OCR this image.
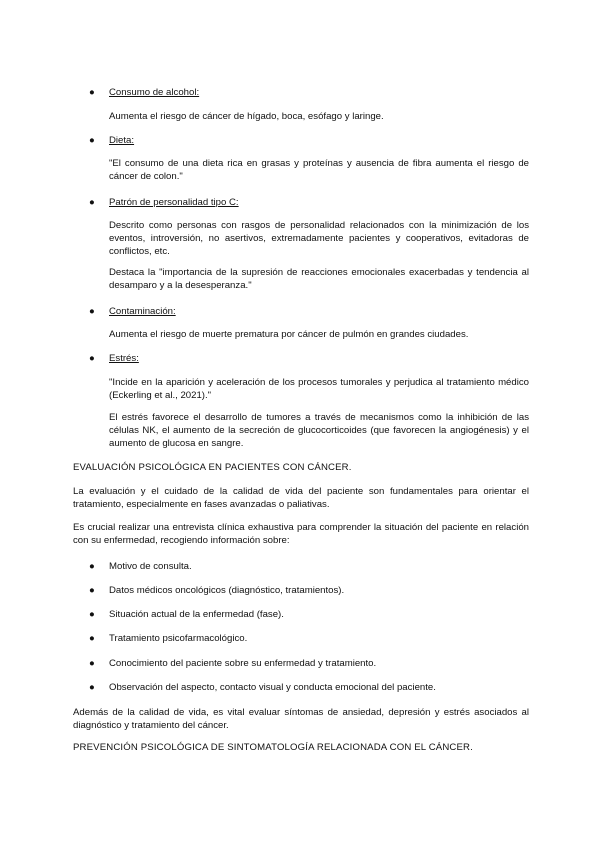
● Consumo de alcohol:

Aumenta el riesgo de cáncer de hígado, boca, esófago y laringe.

● Dieta:

"El consumo de una dieta rica en grasas y proteínas y ausencia de fibra aumenta el riesgo de cáncer de colon."

● Patrón de personalidad tipo C:

Descrito como personas con rasgos de personalidad relacionados con la minimización de los eventos, introversión, no asertivos, extremadamente pacientes y cooperativos, evitadoras de conflictos, etc.

Destaca la "importancia de la supresión de reacciones emocionales exacerbadas y tendencia al desamparo y a la desesperanza."

● Contaminación:

Aumenta el riesgo de muerte prematura por cáncer de pulmón en grandes ciudades.

● Estrés:

"Incide en la aparición y aceleración de los procesos tumorales y perjudica al tratamiento médico (Eckerling et al., 2021)."

El estrés favorece el desarrollo de tumores a través de mecanismos como la inhibición de las células NK, el aumento de la secreción de glucocorticoides (que favorecen la angiogénesis) y el aumento de glucosa en sangre.

EVALUACIÓN PSICOLÓGICA EN PACIENTES CON CÁNCER.

La evaluación y el cuidado de la calidad de vida del paciente son fundamentales para orientar el tratamiento, especialmente en fases avanzadas o paliativas.

Es crucial realizar una entrevista clínica exhaustiva para comprender la situación del paciente en relación con su enfermedad, recogiendo información sobre:

● Motivo de consulta.

● Datos médicos oncológicos (diagnóstico, tratamientos).

● Situación actual de la enfermedad (fase).

● Tratamiento psicofarmacológico.

● Conocimiento del paciente sobre su enfermedad y tratamiento.

● Observación del aspecto, contacto visual y conducta emocional del paciente.

Además de la calidad de vida, es vital evaluar síntomas de ansiedad, depresión y estrés asociados al diagnóstico y tratamiento del cáncer.

PREVENCIÓN PSICOLÓGICA DE SINTOMATOLOGÍA RELACIONADA CON EL CÁNCER.
